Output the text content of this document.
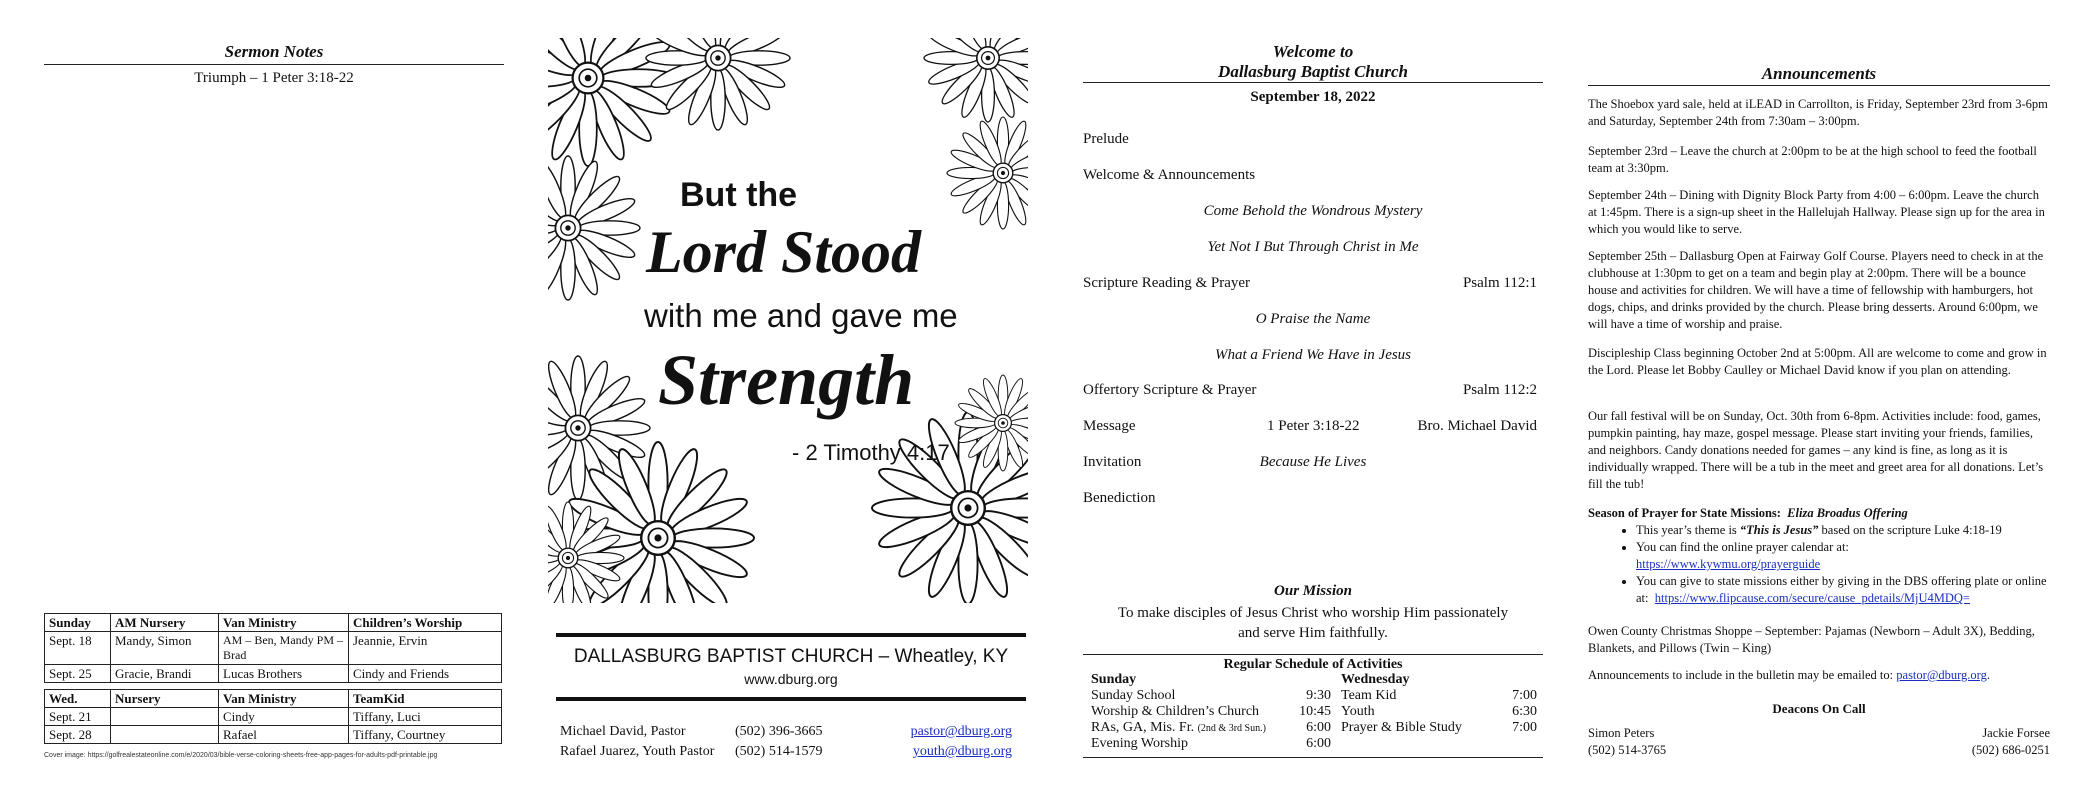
Sermon Notes
Triumph – 1 Peter 3:18-22
Sunday	AM Nursery	Van Ministry	Children’s Worship
Sept. 18	Mandy, Simon	AM – Ben, Mandy PM – Brad	Jeannie, Ervin
Sept. 25	Gracie, Brandi	Lucas Brothers	Cindy and Friends
Wed.	Nursery	Van Ministry	TeamKid
Sept. 21		Cindy	Tiffany, Luci
Sept. 28		Rafael	Tiffany, Courtney
Cover image: https://golfrealestateonline.com/e/2020/03/bible-verse-coloring-sheets-free-app-pages-for-adults-pdf-printable.jpg
But the
Lord Stood
with me and gave me
Strength
- 2 Timothy 4:17
DALLASBURG BAPTIST CHURCH – Wheatley, KY
www.dburg.org
Michael David, Pastor	(502) 396-3665	pastor@dburg.org
Rafael Juarez, Youth Pastor (502) 514-1579	youth@dburg.org
Welcome to
Dallasburg Baptist Church
September 18, 2022
Prelude
Welcome & Announcements
Come Behold the Wondrous Mystery
Yet Not I But Through Christ in Me
Scripture Reading & Prayer	Psalm 112:1
O Praise the Name
What a Friend We Have in Jesus
Offertory Scripture & Prayer	Psalm 112:2
Message	1 Peter 3:18-22	Bro. Michael David
Invitation	Because He Lives
Benediction
Our Mission
To make disciples of Jesus Christ who worship Him passionately
and serve Him faithfully.
Regular Schedule of Activities
Sunday
Sunday School	9:30
Worship & Children’s Church	10:45
RAs, GA, Mis. Fr. (2nd & 3rd Sun.)	6:00
Evening Worship	6:00
Wednesday
Team Kid	7:00
Youth	6:30
Prayer & Bible Study	7:00
Announcements

The Shoebox yard sale, held at iLEAD in Carrollton, is Friday, September 23rd from 3-6pm and Saturday, September 24th from 7:30am – 3:00pm.

September 23rd – Leave the church at 2:00pm to be at the high school to feed the football team at 3:30pm.

September 24th – Dining with Dignity Block Party from 4:00 – 6:00pm. Leave the church at 1:45pm. There is a sign-up sheet in the Hallelujah Hallway. Please sign up for the area in which you would like to serve.

September 25th – Dallasburg Open at Fairway Golf Course. Players need to check in at the clubhouse at 1:30pm to get on a team and begin play at 2:00pm. There will be a bounce house and activities for children. We will have a time of fellowship with hamburgers, hot dogs, chips, and drinks provided by the church. Please bring desserts. Around 6:00pm, we will have a time of worship and praise.

Discipleship Class beginning October 2nd at 5:00pm. All are welcome to come and grow in the Lord. Please let Bobby Caulley or Michael David know if you plan on attending.

Our fall festival will be on Sunday, Oct. 30th from 6-8pm. Activities include: food, games, pumpkin painting, hay maze, gospel message. Please start inviting your friends, families, and neighbors. Candy donations needed for games – any kind is fine, as long as it is individually wrapped. There will be a tub in the meet and greet area for all donations. Let’s fill the tub!

Season of Prayer for State Missions: Eliza Broadus Offering

• This year’s theme is “This is Jesus” based on the scripture Luke 4:18-19
• You can find the online prayer calendar at:
https://www.kywmu.org/prayerguide
• You can give to state missions either by giving in the DBS offering plate or online at: https://www.flipcause.com/secure/cause_pdetails/MjU4MDQ=

Owen County Christmas Shoppe – September: Pajamas (Newborn – Adult 3X), Bedding, Blankets, and Pillows (Twin – King)

Announcements to include in the bulletin may be emailed to: pastor@dburg.org.

Deacons On Call
Simon Peters
(502) 514-3765
Jackie Forsee
(502) 686-0251
